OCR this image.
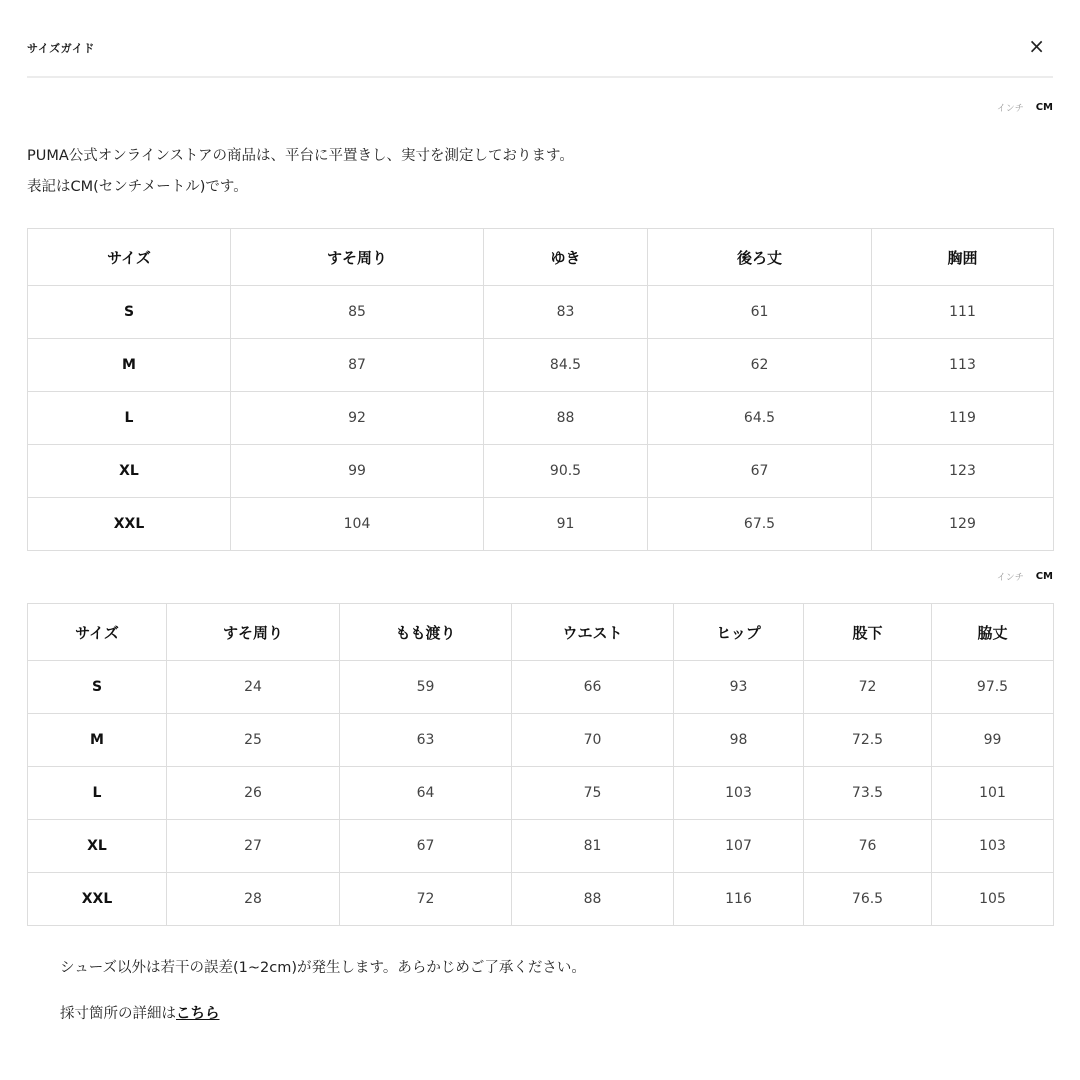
サイズガイド	×
インチ CM
PUMA公式オンラインストアの商品は、平台に平置きし、実寸を測定しております。
表記はCM(センチメートル)です。
サイズ	すそ周り	ゆき	後ろ丈	胸囲
S	85	83	61	111
M	87	84.5	62	113
L	92	88	64.5	119
XL	99	90.5	67	123
XXL	104	91	67.5	129
インチ CM
サイズ	すそ周り	もも渡り	ウエスト	ヒップ	股下	脇丈
S	24	59	66	93	72	97.5
M	25	63	70	98	72.5	99
L	26	64	75	103	73.5	101
XL	27	67	81	107	76	103
XXL	28	72	88	116	76.5	105
シューズ以外は若干の誤差(1~2cm)が発生します。あらかじめご了承ください。
採寸箇所の詳細はこちら
